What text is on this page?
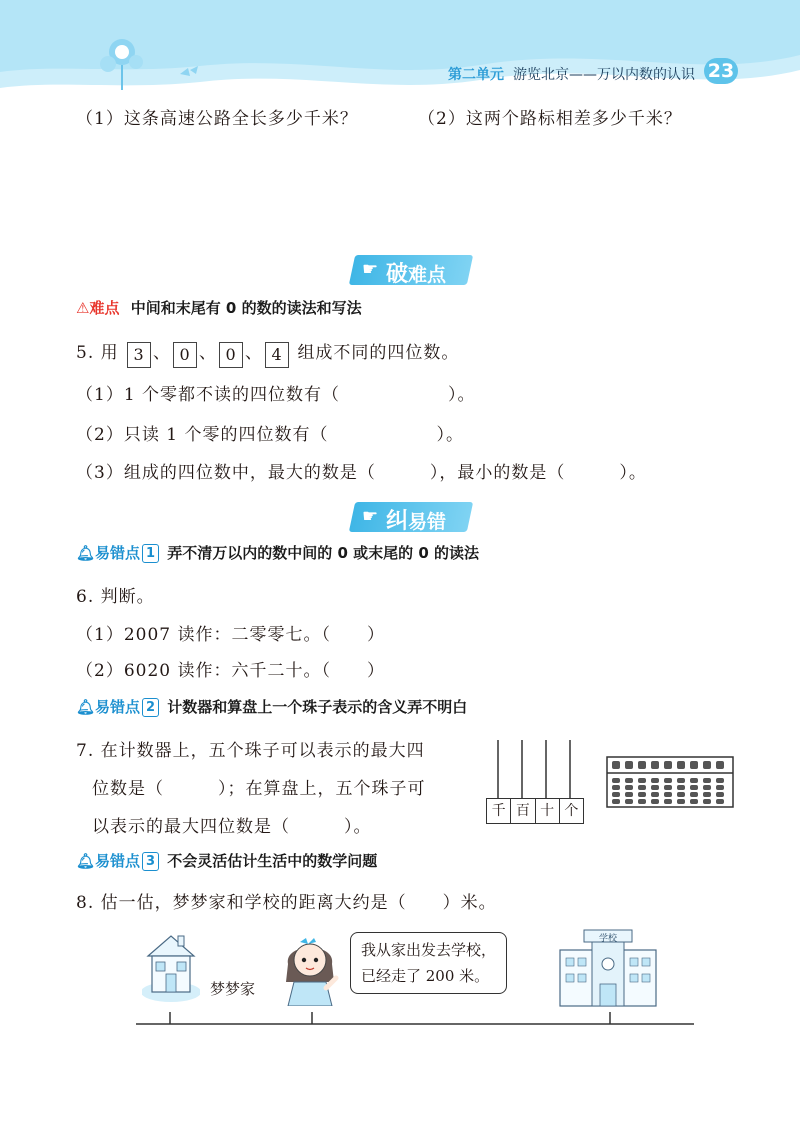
第二单元 游览北京——万以内数的认识 23
（1）这条高速公路全长多少千米？	（2）这两个路标相差多少千米？
☛ 破难点
⚠难点 中间和末尾有 0 的数的读法和写法
5. 用 3 、 0 、 0 、 4 组成不同的四位数。
（1）1 个零都不读的四位数有（　　　　　　）。
（2）只读 1 个零的四位数有（　　　　　　）。
（3）组成的四位数中，最大的数是（　　　），最小的数是（　　　）。
☛ 纠易错
🔔︎易错点 1 弄不清万以内的数中间的 0 或末尾的 0 的读法
6. 判断。
（1）2007 读作：二零零七。（　　）
（2）6020 读作：六千二十。（　　）
🔔︎易错点 2 计数器和算盘上一个珠子表示的含义弄不明白
7. 在计数器上，五个珠子可以表示的最大四
位数是（　　　）；在算盘上，五个珠子可
以表示的最大四位数是（　　　）。
千 百 十 个
🔔︎易错点 3 不会灵活估计生活中的数学问题
8. 估一估，梦梦家和学校的距离大约是（　　）米。
梦梦家
我从家出发去学校，
已经走了 200 米。
学校
